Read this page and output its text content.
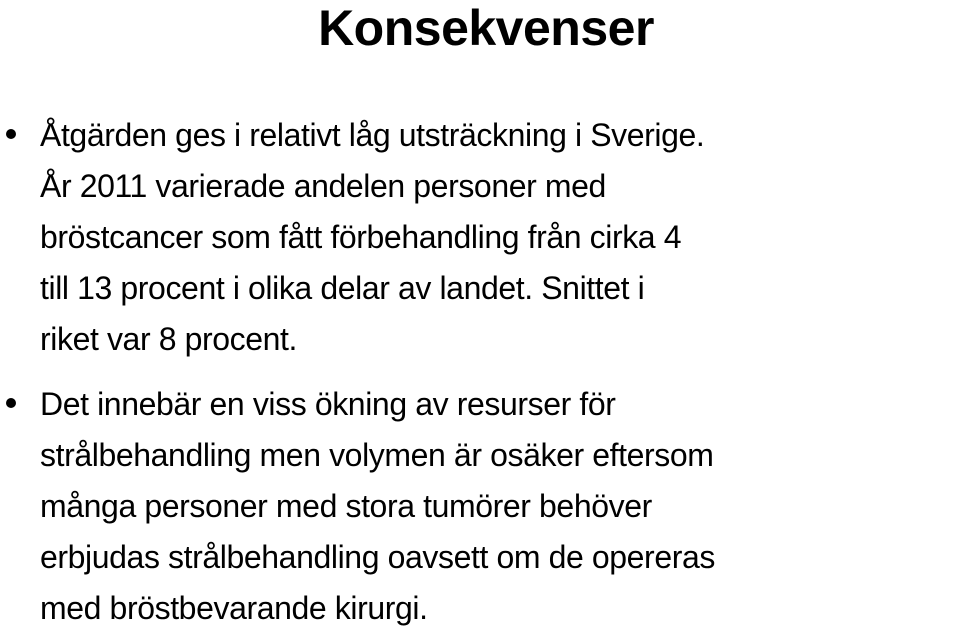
Konsekvenser
Åtgärden ges i relativt låg utsträckning i Sverige.
År 2011 varierade andelen personer med
bröstcancer som fått förbehandling från cirka 4
till 13 procent i olika delar av landet. Snittet i
riket var 8 procent.
Det innebär en viss ökning av resurser för
strålbehandling men volymen är osäker eftersom
många personer med stora tumörer behöver
erbjudas strålbehandling oavsett om de opereras
med bröstbevarande kirurgi.
